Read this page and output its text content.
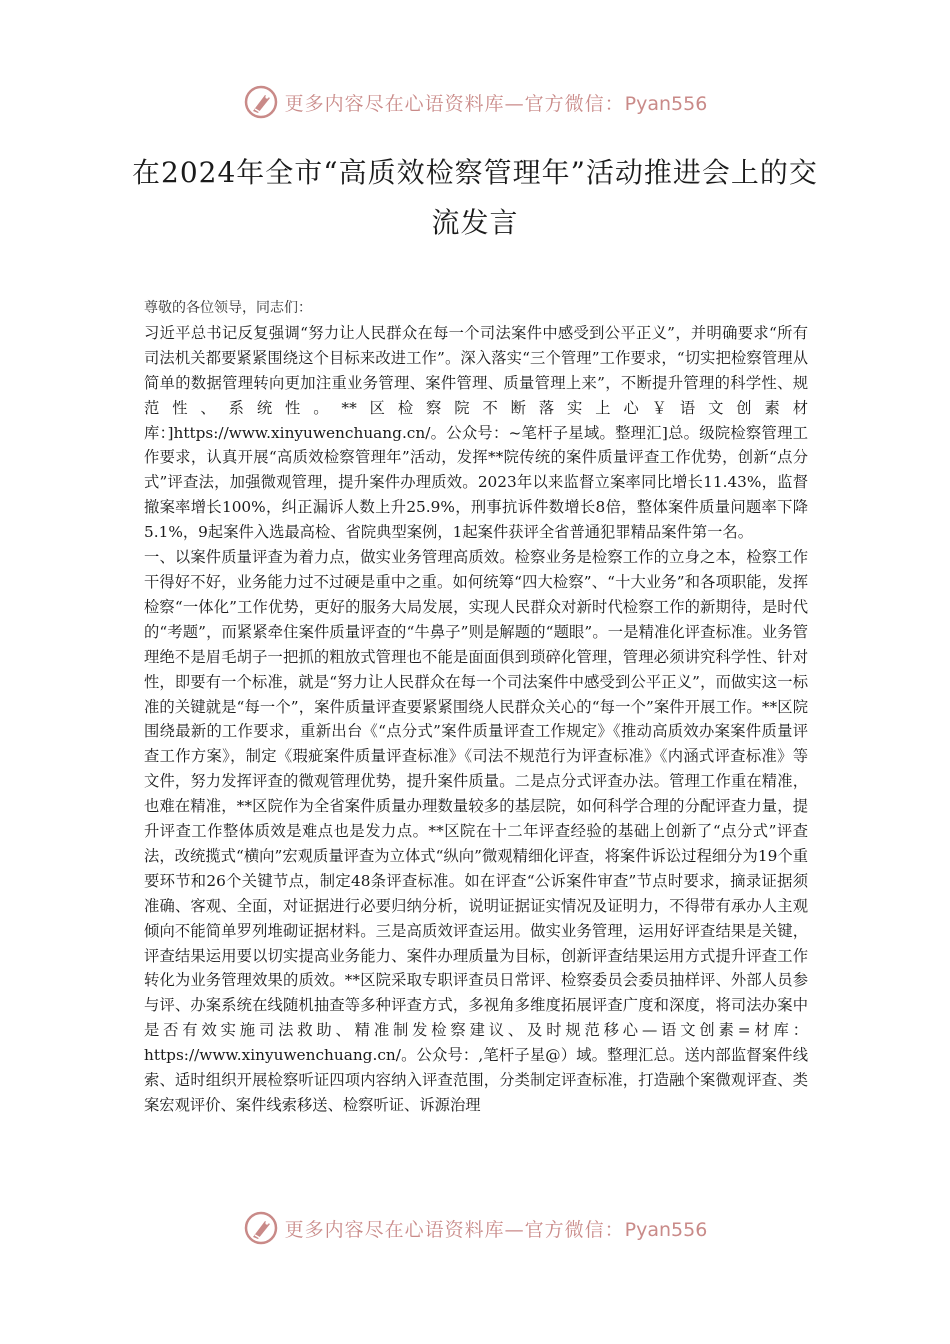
更多内容尽在心语资料库—官方微信：Pyan556
在2024年全市“高质效检察管理年”活动推进会上的交流发言

尊敬的各位领导，同志们：

习近平总书记反复强调“努力让人民群众在每一个司法案件中感受到公平正义”，并明确要求“所有司法机关都要紧紧围绕这个目标来改进工作”。深入落实“三个管理”工作要求，“切实把检察管理从简单的数据管理转向更加注重业务管理、案件管理、质量管理上来”，不断提升管理的科学性、规范性、系统性。**区检察院不断落实上心￥语文创素材库：]https://www.xinyuwenchuang.cn/。公众号：~笔杆子星域。整理汇]总。级院检察管理工作要求，认真开展“高质效检察管理年”活动，发挥**院传统的案件质量评查工作优势，创新“点分式”评查法，加强微观管理，提升案件办理质效。2023年以来监督立案率同比增长11.43%，监督撤案率增长100%，纠正漏诉人数上升25.9%，刑事抗诉件数增长8倍，整体案件质量问题率下降5.1%，9起案件入选最高检、省院典型案例，1起案件获评全省普通犯罪精品案件第一名。

一、以案件质量评查为着力点，做实业务管理高质效。检察业务是检察工作的立身之本，检察工作干得好不好，业务能力过不过硬是重中之重。如何统筹“四大检察”、“十大业务”和各项职能，发挥检察“一体化”工作优势，更好的服务大局发展，实现人民群众对新时代检察工作的新期待，是时代的“考题”，而紧紧牵住案件质量评查的“牛鼻子”则是解题的“题眼”。一是精准化评查标准。业务管理绝不是眉毛胡子一把抓的粗放式管理也不能是面面俱到琐碎化管理，管理必须讲究科学性、针对性，即要有一个标准，就是“努力让人民群众在每一个司法案件中感受到公平正义”，而做实这一标准的关键就是“每一个”，案件质量评查要紧紧围绕人民群众关心的“每一个”案件开展工作。**区院围绕最新的工作要求，重新出台《“点分式”案件质量评查工作规定》《推动高质效办案案件质量评查工作方案》，制定《瑕疵案件质量评查标准》《司法不规范行为评查标准》《内涵式评查标准》等文件，努力发挥评查的微观管理优势，提升案件质量。二是点分式评查办法。管理工作重在精准，也难在精准，**区院作为全省案件质量办理数量较多的基层院，如何科学合理的分配评查力量，提升评查工作整体质效是难点也是发力点。**区院在十二年评查经验的基础上创新了“点分式”评查法，改统揽式“横向”宏观质量评查为立体式“纵向”微观精细化评查，将案件诉讼过程细分为19个重要环节和26个关键节点，制定48条评查标准。如在评查“公诉案件审查”节点时要求，摘录证据须准确、客观、全面，对证据进行必要归纳分析，说明证据证实情况及证明力，不得带有承办人主观倾向不能简单罗列堆砌证据材料。三是高质效评查运用。做实业务管理，运用好评查结果是关键，评查结果运用要以切实提高业务能力、案件办理质量为目标，创新评查结果运用方式提升评查工作转化为业务管理效果的质效。**区院采取专职评查员日常评、检察委员会委员抽样评、外部人员参与评、办案系统在线随机抽查等多种评查方式，多视角多维度拓展评查广度和深度，将司法办案中是否有效实施司法救助、精准制发检察建议、及时规范移心—语文创素=材库：https://www.xinyuwenchuang.cn/。公众号：,笔杆子星@）域。整理汇总。送内部监督案件线索、适时组织开展检察听证四项内容纳入评查范围，分类制定评查标准，打造融个案微观评查、类案宏观评价、案件线索移送、检察听证、诉源治理

更多内容尽在心语资料库—官方微信：Pyan556
